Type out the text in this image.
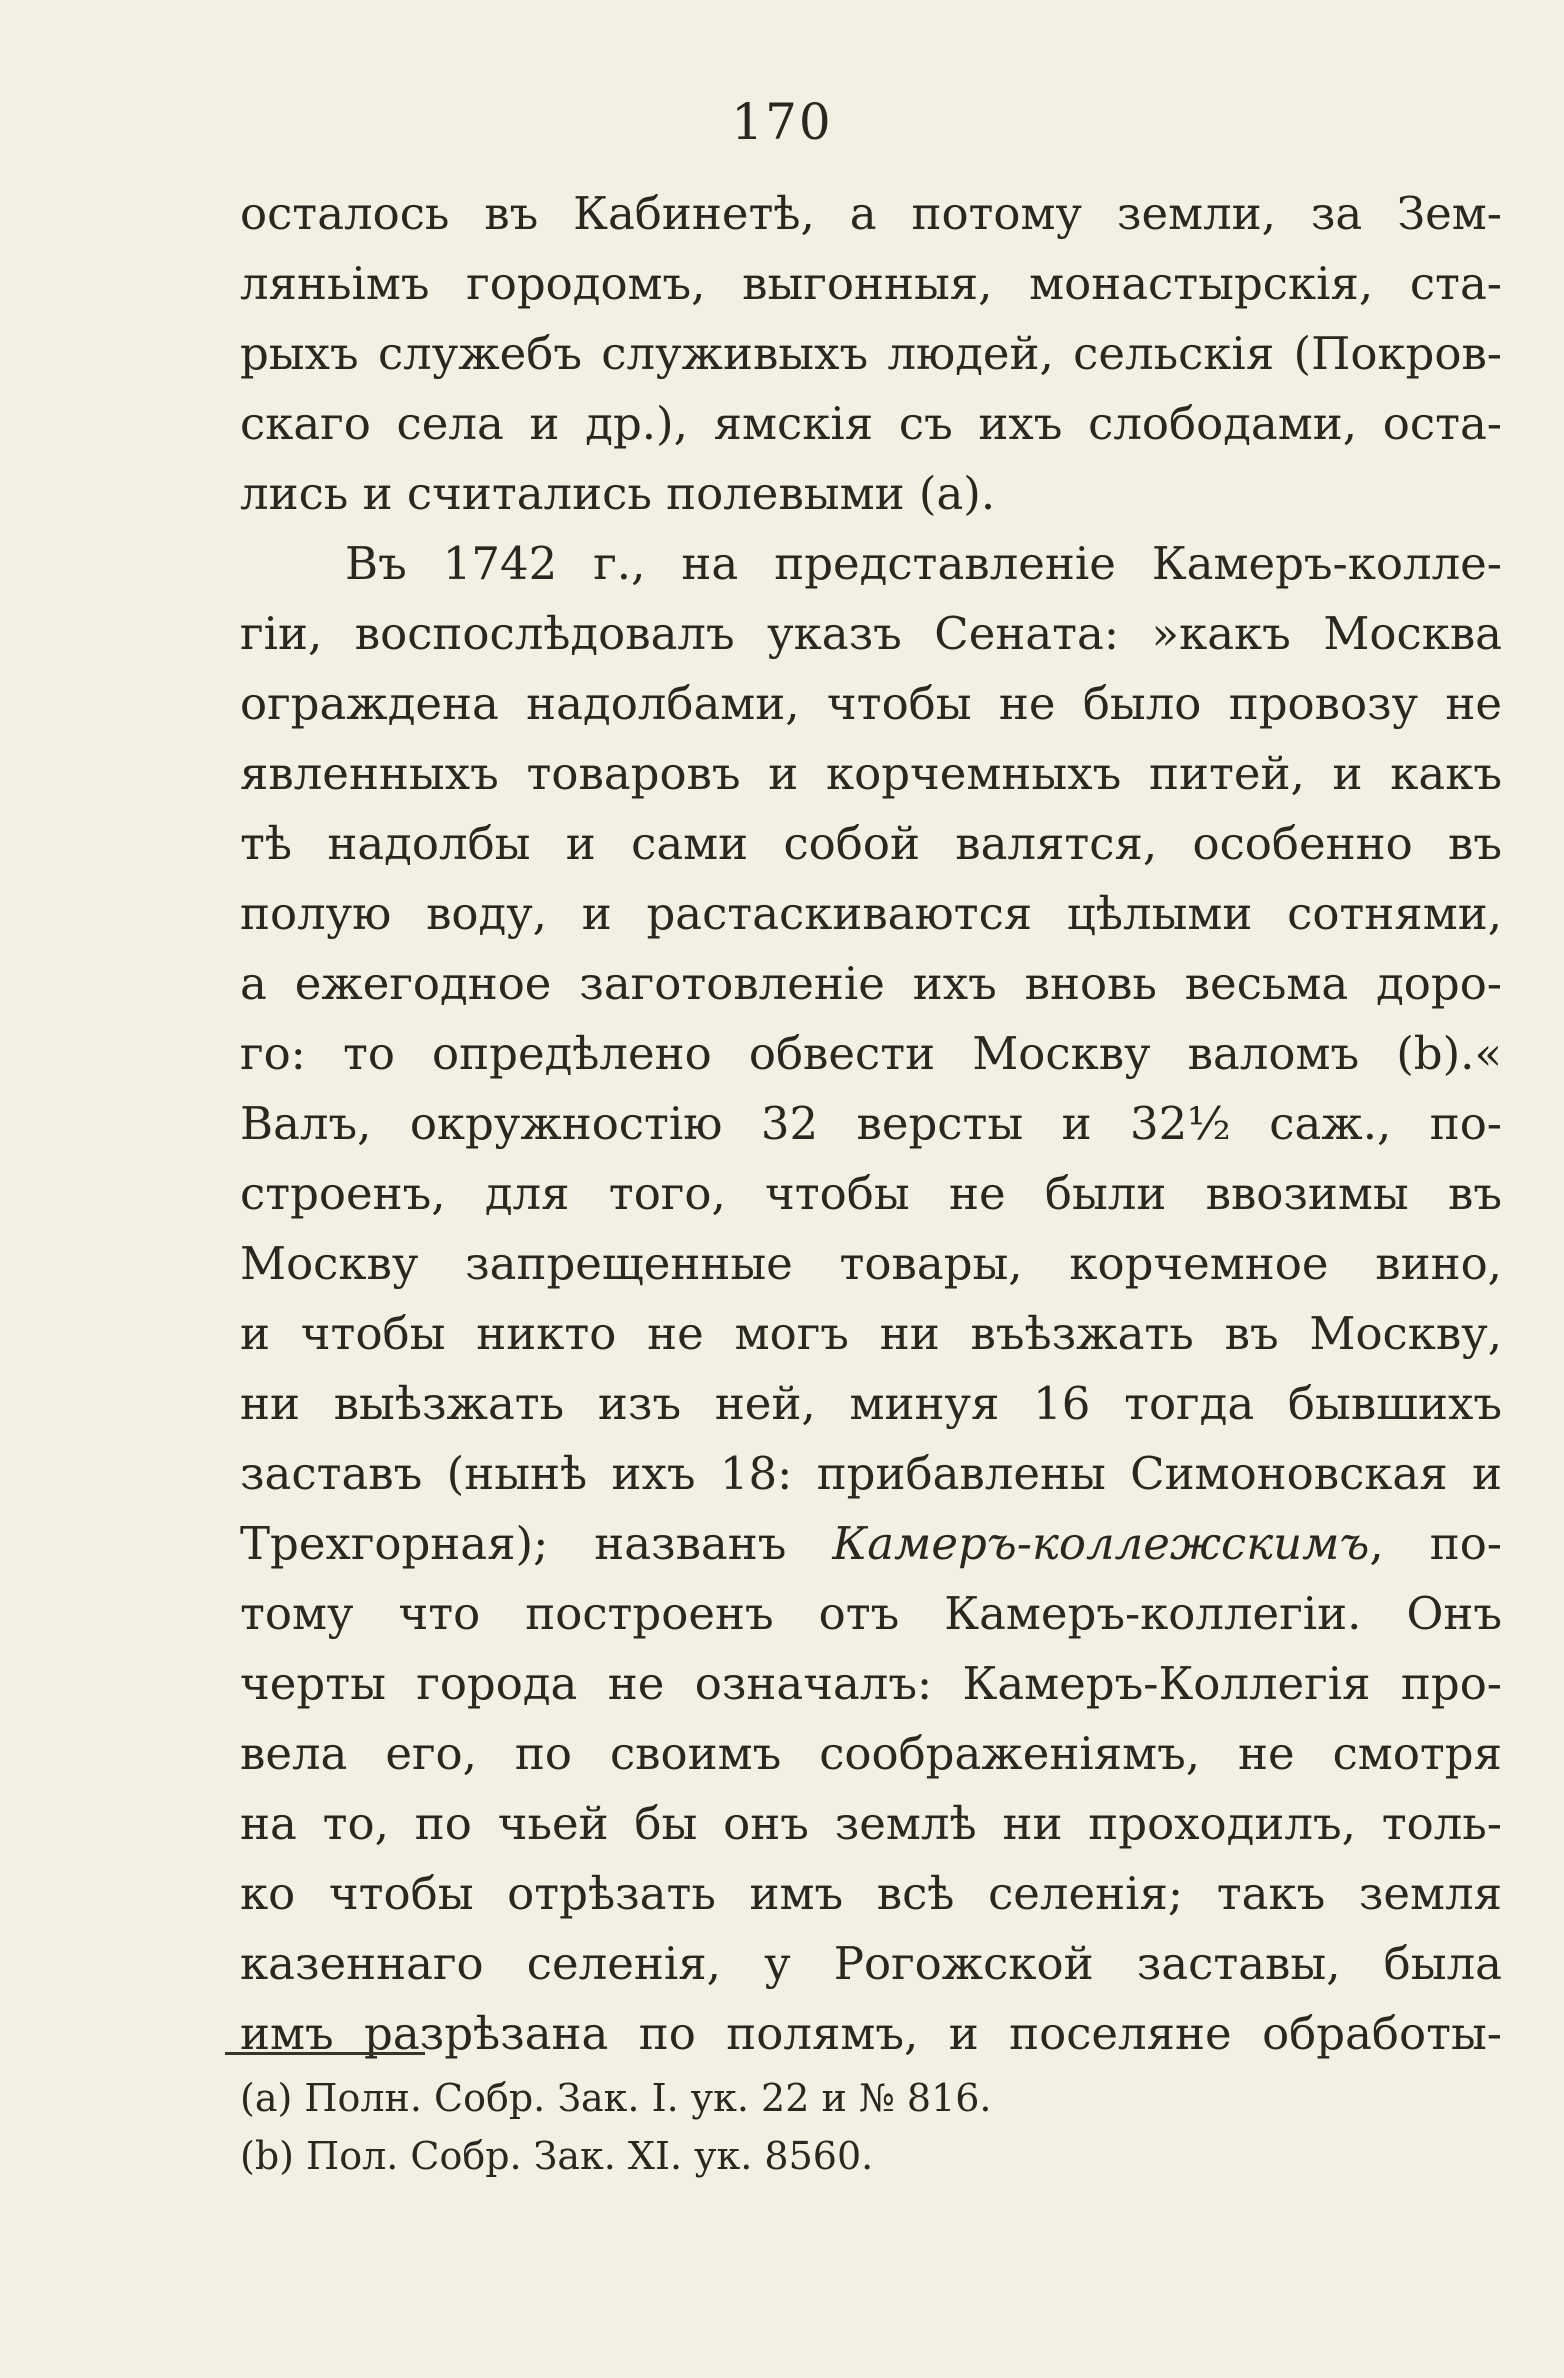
170
осталось въ Кабинетѣ, а потому земли, за Зем-
ляньімъ городомъ, выгонныя, монастырскія, ста-
рыхъ служебъ служивыхъ людей, сельскія (Покров-
скаго села и др.), ямскія съ ихъ слободами, оста-
лись и считались полевыми (а).
Въ 1742 г., на представленіе Камеръ-колле-
гіи, воспослѣдовалъ указъ Сената: »какъ Москва
ограждена надолбами, чтобы не было провозу не
явленныхъ товаровъ и корчемныхъ питей, и какъ
тѣ надолбы и сами собой валятся, особенно въ
полую воду, и растаскиваются цѣлыми сотнями,
а ежегодное заготовленіе ихъ вновь весьма доро-
го: то опредѣлено обвести Москву валомъ (b).«
Валъ, окружностію 32 версты и 32½ саж., по-
строенъ, для того, чтобы не были ввозимы въ
Москву запрещенные товары, корчемное вино,
и чтобы никто не могъ ни въѣзжать въ Москву,
ни выѣзжать изъ ней, минуя 16 тогда бывшихъ
заставъ (нынѣ ихъ 18: прибавлены Симоновская и
Трехгорная); названъ Камеръ-коллежскимъ, по-
тому что построенъ отъ Камеръ-коллегіи. Онъ
черты города не означалъ: Камеръ-Коллегія про-
вела его, по своимъ соображеніямъ, не смотря
на то, по чьей бы онъ землѣ ни проходилъ, толь-
ко чтобы отрѣзать имъ всѣ селенія; такъ земля
казеннаго селенія, у Рогожской заставы, была
имъ разрѣзана по полямъ, и поселяне обработы-
(а) Полн. Собр. Зак. I. ук. 22 и № 816.
(b) Пол. Собр. Зак. XI. ук. 8560.
